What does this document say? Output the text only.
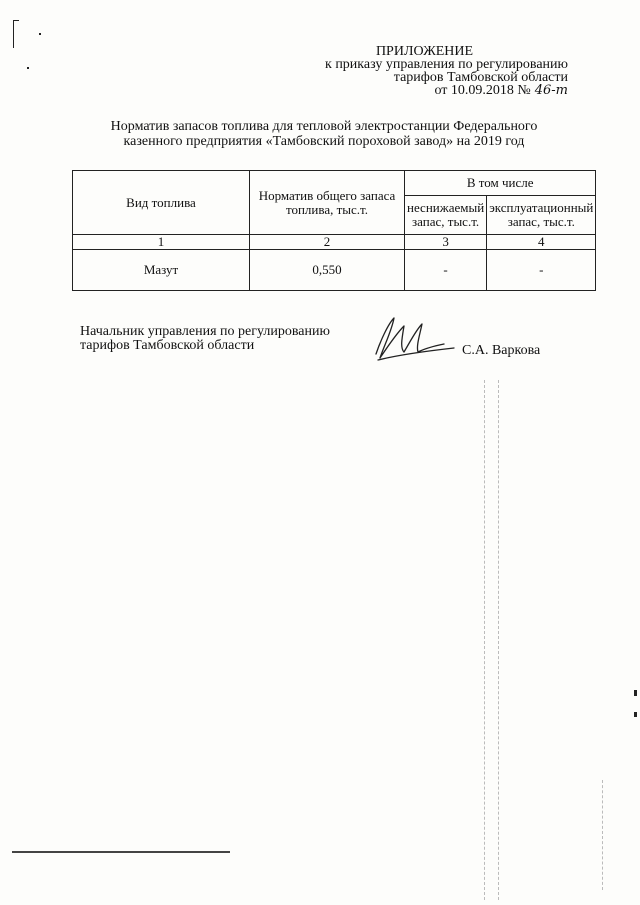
ПРИЛОЖЕНИЕ
к приказу управления по регулированию
тарифов Тамбовской области
от 10.09.2018 № 46-т
Норматив запасов топлива для тепловой электростанции Федерального
казенного предприятия «Тамбовский пороховой завод» на 2019 год
Вид топлива	Норматив общего запаса топлива, тыс.т.	В том числе	
		неснижаемый запас, тыс.т.	эксплуатационный запас, тыс.т.
1	2	3	4
Мазут	0,550	-	-
Начальник управления по регулированию
тарифов Тамбовской области	С.А. Варкова
